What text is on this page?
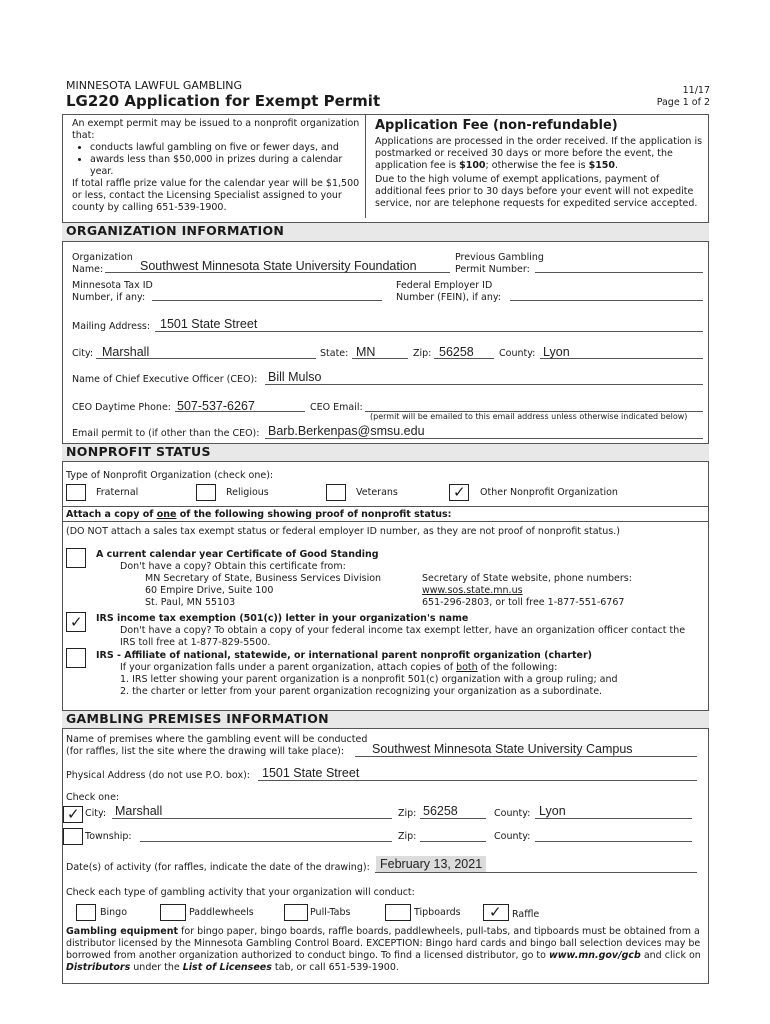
MINNESOTA LAWFUL GAMBLING
LG220 Application for Exempt Permit
11/17
Page 1 of 2
An exempt permit may be issued to a nonprofit organization that:
• conducts lawful gambling on five or fewer days, and
• awards less than $50,000 in prizes during a calendar year.
If total raffle prize value for the calendar year will be $1,500 or less, contact the Licensing Specialist assigned to your county by calling 651-539-1900.
Application Fee (non-refundable)
Applications are processed in the order received. If the application is postmarked or received 30 days or more before the event, the application fee is $100; otherwise the fee is $150.
Due to the high volume of exempt applications, payment of additional fees prior to 30 days before your event will not expedite service, nor are telephone requests for expedited service accepted.
ORGANIZATION INFORMATION
Organization
Name:	Southwest Minnesota State University Foundation
Previous Gambling
Permit Number:
Minnesota Tax ID
Number, if any:
Federal Employer ID
Number (FEIN), if any:
Mailing Address: 1501 State Street
City: Marshall	State: MN	Zip: 56258	County: Lyon
Name of Chief Executive Officer (CEO): Bill Mulso
CEO Daytime Phone: 507-537-6267	CEO Email:
(permit will be emailed to this email address unless otherwise indicated below)
Email permit to (if other than the CEO): Barb.Berkenpas@smsu.edu
NONPROFIT STATUS
Type of Nonprofit Organization (check one):
Fraternal	Religious	Veterans	✓ Other Nonprofit Organization
Attach a copy of one of the following showing proof of nonprofit status:
(DO NOT attach a sales tax exempt status or federal employer ID number, as they are not proof of nonprofit status.)
A current calendar year Certificate of Good Standing
Don't have a copy? Obtain this certificate from:
MN Secretary of State, Business Services Division
60 Empire Drive, Suite 100
St. Paul, MN 55103
Secretary of State website, phone numbers:
www.sos.state.mn.us
651-296-2803, or toll free 1-877-551-6767
✓ IRS income tax exemption (501(c)) letter in your organization's name
Don't have a copy? To obtain a copy of your federal income tax exempt letter, have an organization officer contact the
IRS toll free at 1-877-829-5500.
IRS - Affiliate of national, statewide, or international parent nonprofit organization (charter)
If your organization falls under a parent organization, attach copies of both of the following:
1. IRS letter showing your parent organization is a nonprofit 501(c) organization with a group ruling; and
2. the charter or letter from your parent organization recognizing your organization as a subordinate.
GAMBLING PREMISES INFORMATION
Name of premises where the gambling event will be conducted
(for raffles, list the site where the drawing will take place):	Southwest Minnesota State University Campus
Physical Address (do not use P.O. box): 1501 State Street
Check one:
✓ City: Marshall	Zip: 56258	County: Lyon
Township:	Zip:	County:
Date(s) of activity (for raffles, indicate the date of the drawing): February 13, 2021
Check each type of gambling activity that your organization will conduct:
Bingo	Paddlewheels	Pull-Tabs	Tipboards ✓ Raffle
Gambling equipment for bingo paper, bingo boards, raffle boards, paddlewheels, pull-tabs, and tipboards must be obtained from a distributor licensed by the Minnesota Gambling Control Board. EXCEPTION: Bingo hard cards and bingo ball selection devices may be borrowed from another organization authorized to conduct bingo. To find a licensed distributor, go to www.mn.gov/gcb and click on Distributors under the List of Licensees tab, or call 651-539-1900.
